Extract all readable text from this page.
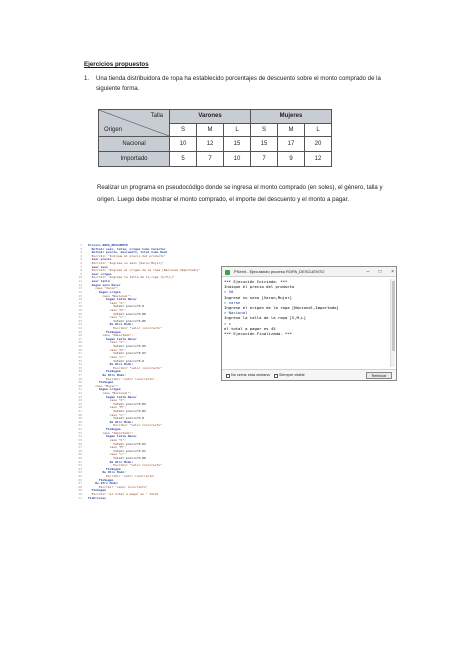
Ejercicios propuestos
1. Una tienda distribuidora de ropa ha establecido porcentajes de descuento sobre el monto comprado de la siguiente forma.
Talla
Origen	Varones			Mujeres		
	S	M	L	S	M	L
Nacional	10	12	15	15	17	20
Importado	5	7	10	7	9	12
Realizar un programa en pseudocódigo donde se ingresa el monto comprado (en soles), el género, talla y origen. Luego debe mostrar el monto comprado, el importe del descuento y el monto a pagar.
1 Proceso ROPA_DESCUENTO
2  Definir sexo, talla, origen Como Caracter
3  Definir precio, descuento, total Como Real
4  Escribir "Indique el precio del producto"
5  Leer precio
6  Escribir "Ingrese su sexo [Varon,Mujer]"
7  Leer sexo
8  Escribir "Ingrese el origen de la ropa [Nacional,Importado]"
9  Leer origen
10  Escribir "Ingrese la talla de la ropa [S,M,L]"
11  Leer talla
12  Segun sexo Hacer
13    caso "Varon":
14      Segun origen
15        caso "Nacional":
16          Segun talla Hacer
17            caso "S":
18              total= precio*0.9
19            caso "M":
20              total= precio*0.88
21            caso "L":
22              total= precio*0.85
23            De Otro Modo:
24              Escribir "valor incorrecto"
25          FinSegun
26        caso "Importado":
27          Segun talla Hacer
28            caso "S":
29              total= precio*0.95
30            caso "M":
31              total= precio*0.93
32            caso "L":
33              total= precio*0.9
34            De Otro Modo:
35              Escribir "valor incorrecto"
36          FinSegun
37        De Otro Modo:
38          Escribir "valor incorrecto"
39      FinSegun
40    caso "Mujer":
41      Segun origen
42        caso "Nacional":
43          Segun talla Hacer
44            caso "S":
45              total= precio*0.85
46            caso "M":
47              total= precio*0.83
48            caso "L":
49              total= precio*0.8
50            De Otro Modo:
51              Escribir "valor incorrecto"
52          FinSegun
53        caso "Importado":
54          Segun talla Hacer
55            caso "S":
56              total= precio*0.93
57            caso "M":
58              total= precio*0.91
59            caso "L":
60              total= precio*0.88
61            De Otro Modo:
62              Escribir "valor incorrecto"
63          FinSegun
64        De Otro Modo:
65          Escribir "valor incorrecto"
66      FinSegun
67    De Otro Modo:
68      Escribir "valor incorrecto"
69  FinSegun
70  Escribir "el total a pagar es " total
71 FinProceso
PSeInt - Ejecutando proceso ROPA_DESCUENTO	– □ ×
*** Ejecución Iniciada. ***
Indique el precio del producto
> 50
Ingrese su sexo [Varon,Mujer]
> varon
Ingrese el origen de la ropa [Nacional,Importado]
> Nacional
Ingrese la talla de la ropa [S,M,L]
> s
el total a pagar es 45
*** Ejecución Finalizada. ***
No cerrar esta ventana Siempre visible	Reiniciar
